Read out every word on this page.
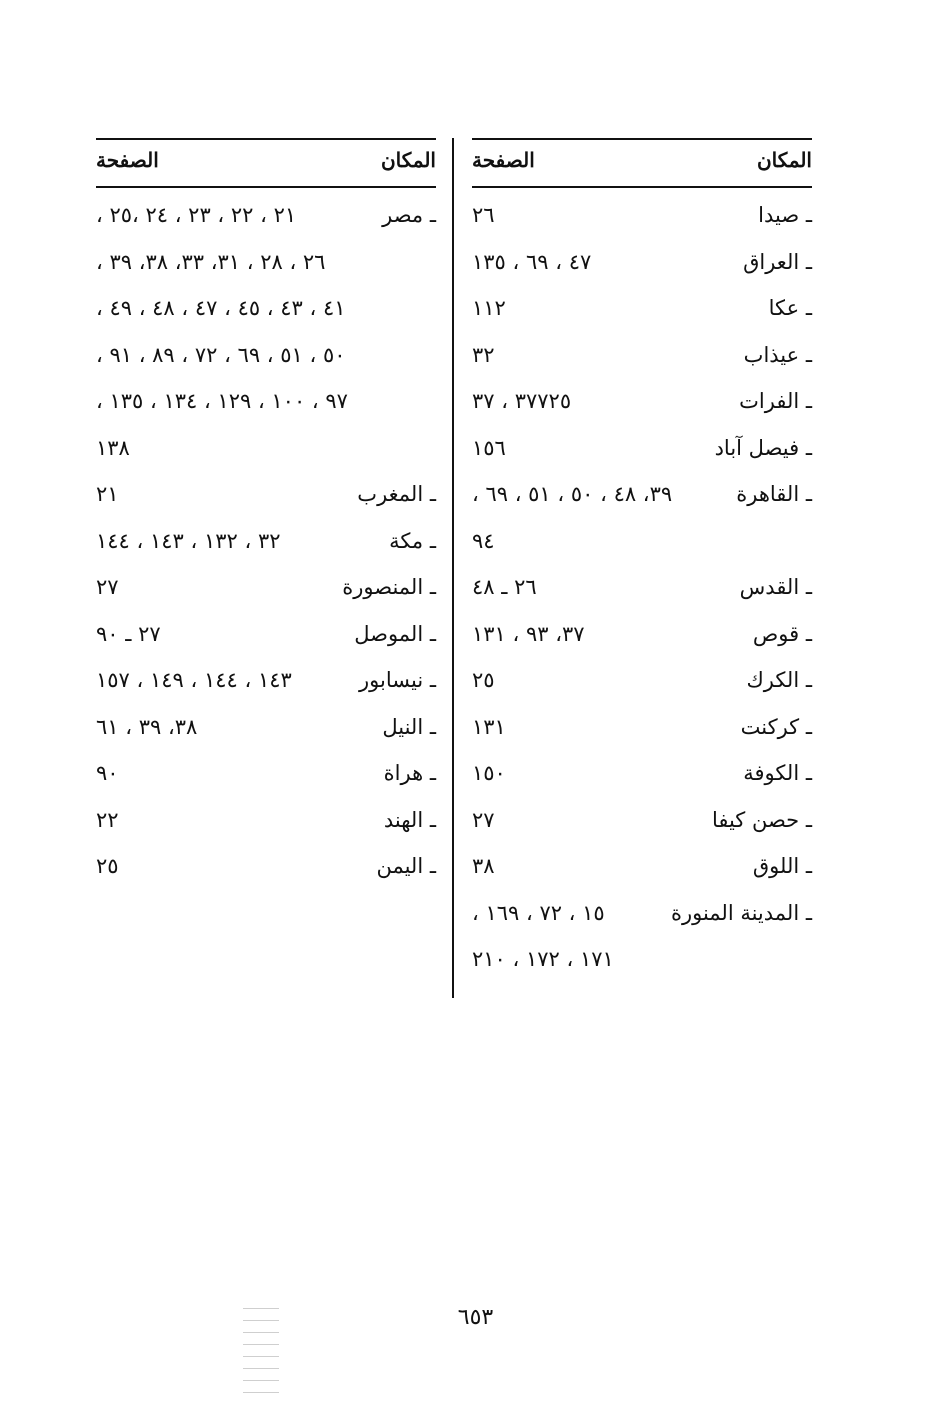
المكان
الصفحة
ـ صيدا
٢٦
ـ العراق
٤٧ ، ٦٩ ، ١٣٥
ـ عكا
١١٢
ـ عيذاب
٣٢
ـ الفرات
٣٧٧٢٥ ، ٣٧
ـ فيصل آباد
١٥٦
ـ القاهرة
٣٩، ٤٨ ، ٥٠ ، ٥١ ، ٦٩ ،
٩٤
ـ القدس
٢٦ ـ ٤٨
ـ قوص
٣٧، ٩٣ ، ١٣١
ـ الكرك
٢٥
ـ كركنت
١٣١
ـ الكوفة
١٥٠
ـ حصن كيفا
٢٧
ـ اللوق
٣٨
ـ المدينة المنورة
١٥ ، ٧٢ ، ١٦٩ ،
١٧١ ، ١٧٢ ، ٢١٠
المكان
الصفحة
ـ مصر
٢١ ، ٢٢ ، ٢٣ ، ٢٤ ،٢٥ ،
٢٦ ، ٢٨ ، ٣١، ٣٣، ٣٨، ٣٩ ،
٤١ ، ٤٣ ، ٤٥ ، ٤٧ ، ٤٨ ، ٤٩ ،
٥٠ ، ٥١ ، ٦٩ ، ٧٢ ، ٨٩ ، ٩١ ،
٩٧ ، ١٠٠ ، ١٢٩ ، ١٣٤ ، ١٣٥ ،
١٣٨
ـ المغرب
٢١
ـ مكة
٣٢ ، ١٣٢ ، ١٤٣ ، ١٤٤
ـ المنصورة
٢٧
ـ الموصل
٢٧ ـ ٩٠
ـ نيسابور
١٤٣ ، ١٤٤ ، ١٤٩ ، ١٥٧
ـ النيل
٣٨، ٣٩ ، ٦١
ـ هراة
٩٠
ـ الهند
٢٢
ـ اليمن
٢٥
٦٥٣
